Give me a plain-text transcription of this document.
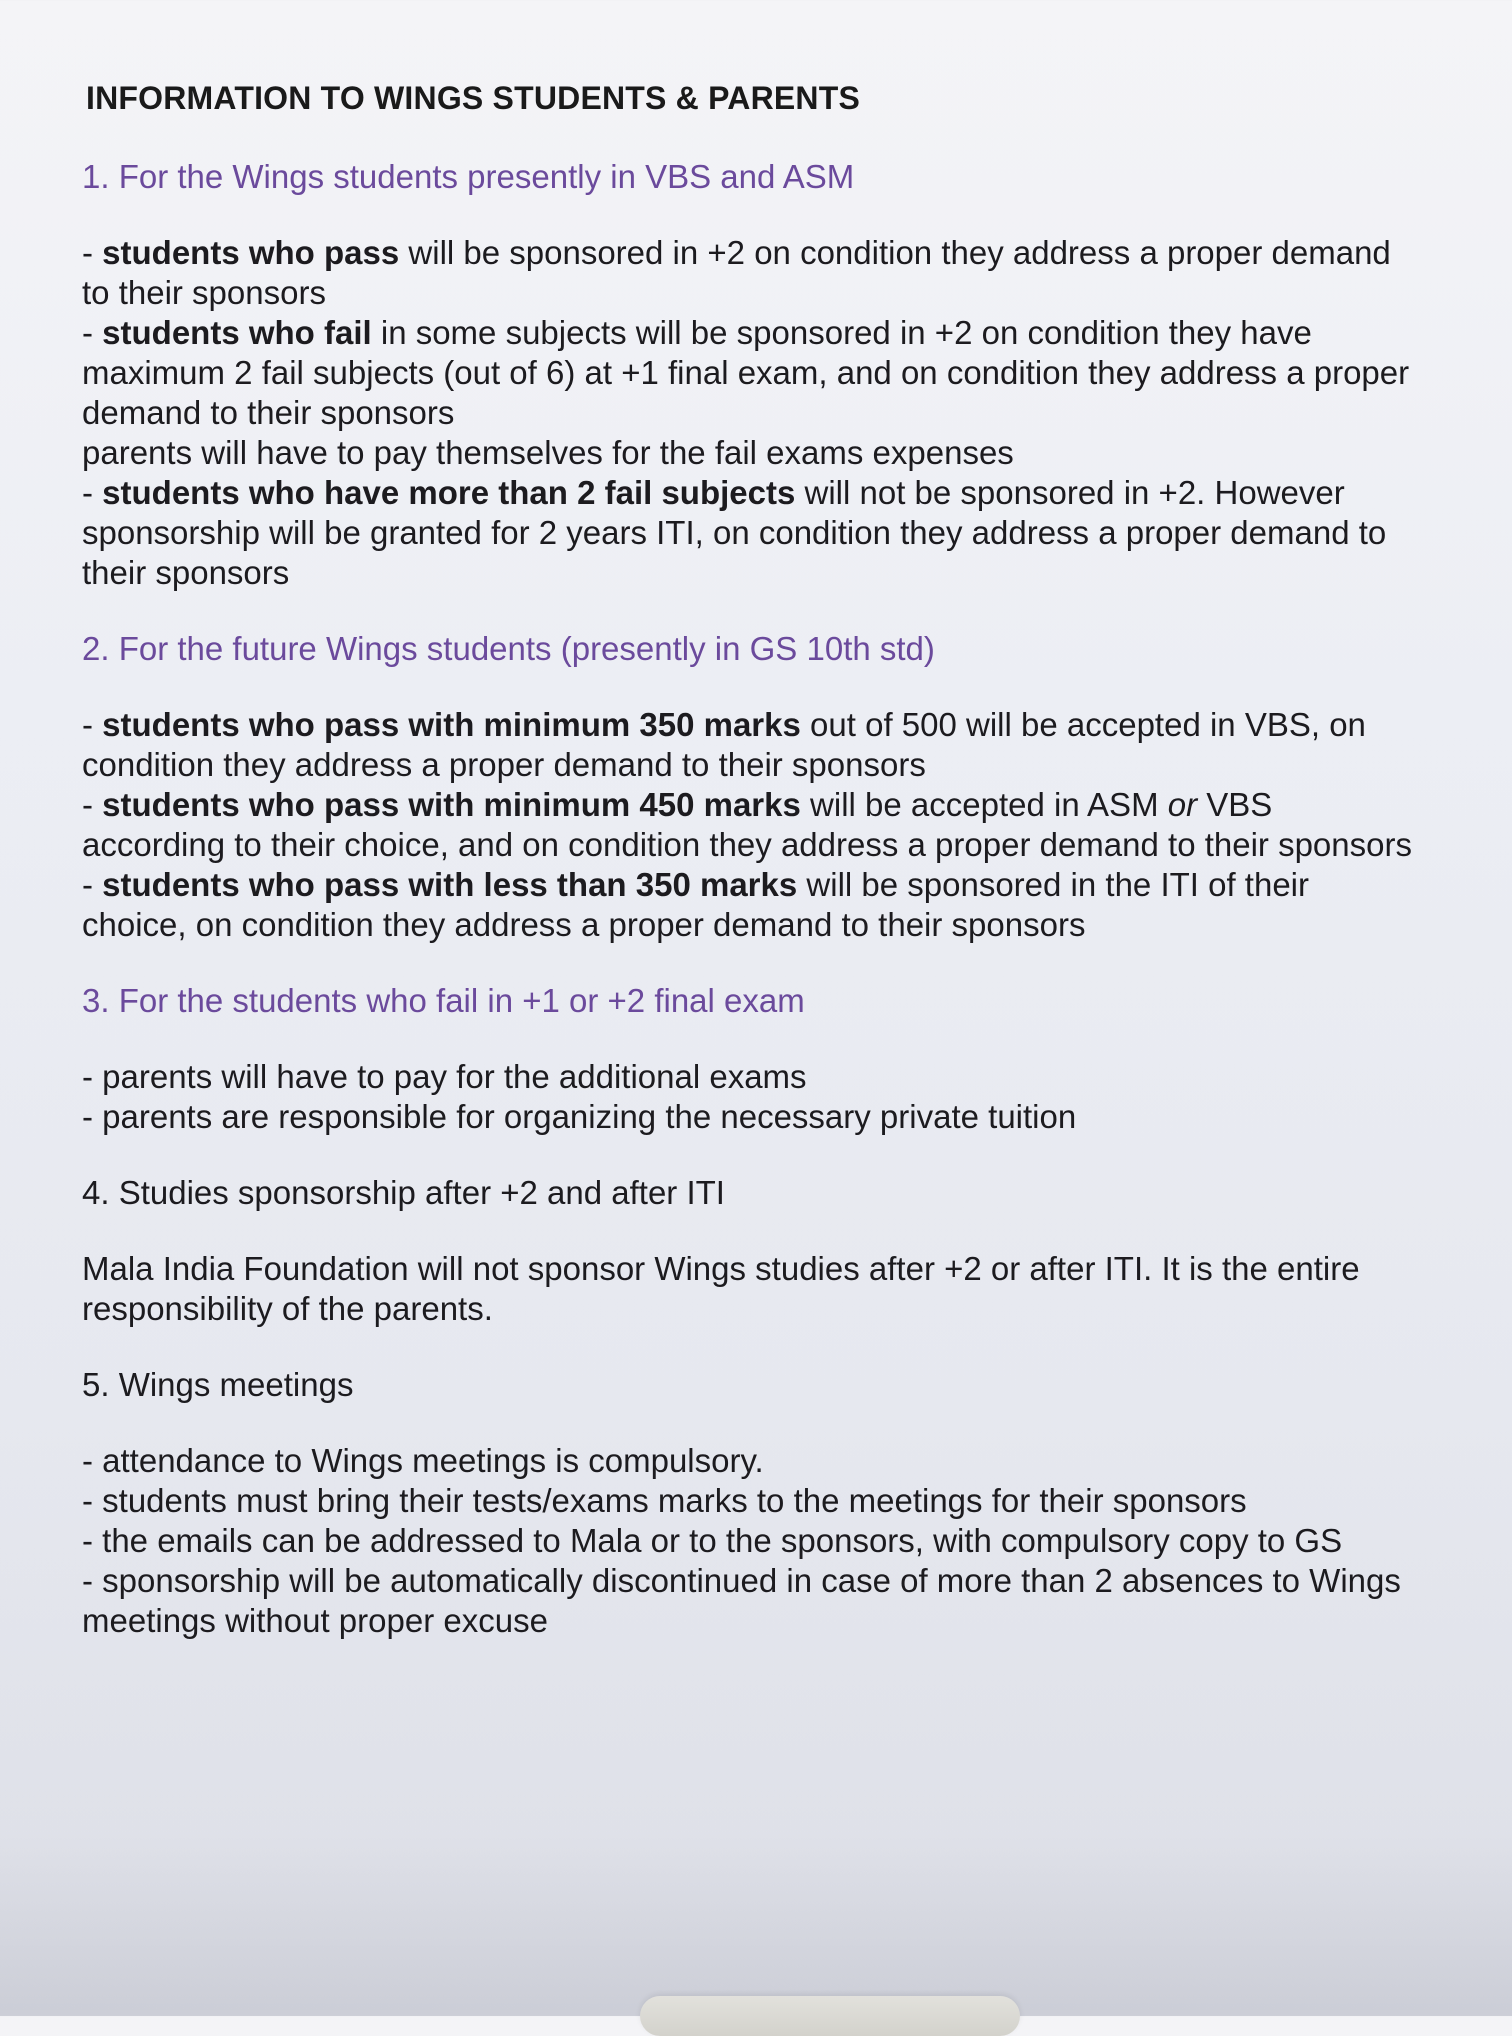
INFORMATION TO WINGS STUDENTS & PARENTS
1. For the Wings students presently in VBS and ASM
- students who pass will be sponsored in +2 on condition they address a proper demand to their sponsors
- students who fail in some subjects will be sponsored in +2 on condition they have maximum 2 fail subjects (out of 6) at +1 final exam, and on condition they address a proper demand to their sponsors
parents will have to pay themselves for the fail exams expenses
- students who have more than 2 fail subjects will not be sponsored in +2. However sponsorship will be granted for 2 years ITI, on condition they address a proper demand to their sponsors
2. For the future Wings students (presently in GS 10th std)
- students who pass with minimum 350 marks out of 500 will be accepted in VBS, on condition they address a proper demand to their sponsors
- students who pass with minimum 450 marks will be accepted in ASM or VBS according to their choice, and on condition they address a proper demand to their sponsors
- students who pass with less than 350 marks will be sponsored in the ITI of their choice, on condition they address a proper demand to their sponsors
3. For the students who fail in +1 or +2 final exam
- parents will have to pay for the additional exams
- parents are responsible for organizing the necessary private tuition
4. Studies sponsorship after +2 and after ITI
Mala India Foundation will not sponsor Wings studies after +2 or after ITI. It is the entire responsibility of the parents.
5. Wings meetings
- attendance to Wings meetings is compulsory.
- students must bring their tests/exams marks to the meetings for their sponsors
- the emails can be addressed to Mala or to the sponsors, with compulsory copy to GS
- sponsorship will be automatically discontinued in case of more than 2 absences to Wings meetings without proper excuse
